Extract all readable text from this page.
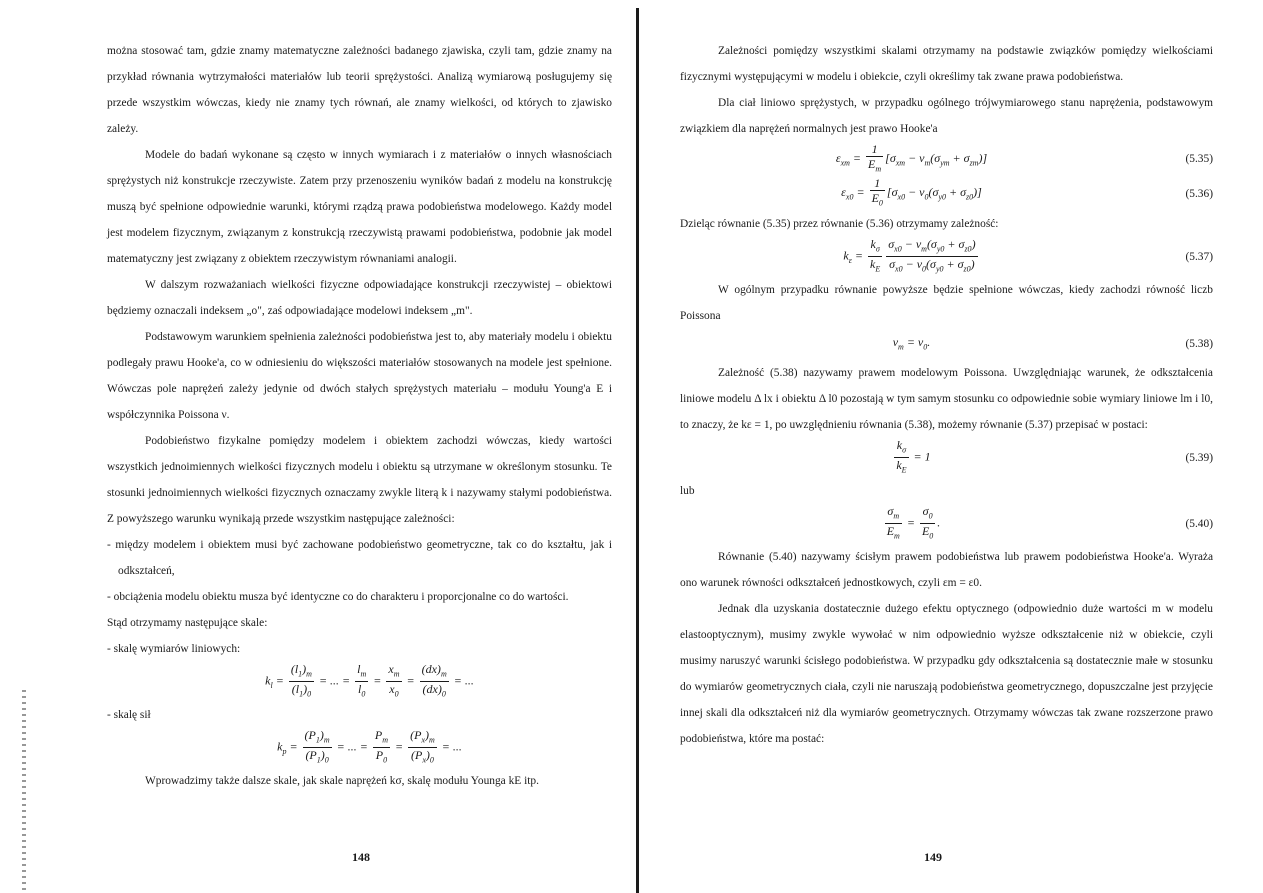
można stosować tam, gdzie znamy matematyczne zależności badanego zjawiska, czyli tam, gdzie znamy na przykład równania wytrzymałości materiałów lub teorii sprężystości. Analizą wymiarową posługujemy się przede wszystkim wówczas, kiedy nie znamy tych równań, ale znamy wielkości, od których to zjawisko zależy.

Modele do badań wykonane są często w innych wymiarach i z materiałów o innych własnościach sprężystych niż konstrukcje rzeczywiste. Zatem przy przenoszeniu wyników badań z modelu na konstrukcję muszą być spełnione odpowiednie warunki, którymi rządzą prawa podobieństwa modelowego. Każdy model jest modelem fizycznym, związanym z konstrukcją rzeczywistą prawami podobieństwa, podobnie jak model matematyczny jest związany z obiektem rzeczywistym równaniami analogii.

W dalszym rozważaniach wielkości fizyczne odpowiadające konstrukcji rzeczywistej – obiektowi będziemy oznaczali indeksem „o", zaś odpowiadające modelowi indeksem „m".

Podstawowym warunkiem spełnienia zależności podobieństwa jest to, aby materiały modelu i obiektu podlegały prawu Hooke'a, co w odniesieniu do większości materiałów stosowanych na modele jest spełnione. Wówczas pole naprężeń zależy jedynie od dwóch stałych sprężystych materiału – modułu Young'a E i współczynnika Poissona ν.

Podobieństwo fizykalne pomiędzy modelem i obiektem zachodzi wówczas, kiedy wartości wszystkich jednoimiennych wielkości fizycznych modelu i obiektu są utrzymane w określonym stosunku. Te stosunki jednoimiennych wielkości fizycznych oznaczamy zwykle literą k i nazywamy stałymi podobieństwa. Z powyższego warunku wynikają przede wszystkim następujące zależności:

- między modelem i obiektem musi być zachowane podobieństwo geometryczne, tak co do kształtu, jak i odkształceń,

- obciążenia modelu obiektu musza być identyczne co do charakteru i proporcjonalne co do wartości.

Stąd otrzymamy następujące skale:

- skalę wymiarów liniowych:

$k_l = \frac{(l_1)_m}{(l_1)_0}$ = ... = $\frac{l_m}{l_0} = \frac{x_m}{x_0} = \frac{(dx)_m}{(dx)_0}$ = ...

- skalę sił

$k_p = \frac{(P_1)_m}{(P_1)_0}$ = ... = $\frac{P_m}{P_0} = \frac{(P_x)_m}{(P_x)_0}$ = ...

Wprowadzimy także dalsze skale, jak skale naprężeń kσ, skalę modułu Younga kE itp.

148

Zależności pomiędzy wszystkimi skalami otrzymamy na podstawie związków pomiędzy wielkościami fizycznymi występującymi w modelu i obiekcie, czyli określimy tak zwane prawa podobieństwa.

Dla ciał liniowo sprężystych, w przypadku ogólnego trójwymiarowego stanu naprężenia, podstawowym związkiem dla naprężeń normalnych jest prawo Hooke'a

$\varepsilon_{xm} = \frac{1}{E_m} [\sigma_{xm} - \nu_m(\sigma_{ym} + \sigma_{zm})]$	(5.35)
$\varepsilon_{x0} = \frac{1}{E_0} [\sigma_{x0} - \nu_0(\sigma_{y0} + \sigma_{z0})]$	(5.36)

Dzieląc równanie (5.35) przez równanie (5.36) otrzymamy zależność:

$k_\varepsilon = \frac{k_\sigma}{k_E} \frac{\sigma_{x0} - \nu_m(\sigma_{y0} + \sigma_{z0})}{\sigma_{x0} - \nu_0(\sigma_{y0} + \sigma_{z0})}$	(5.37)

W ogólnym przypadku równanie powyższe będzie spełnione wówczas, kiedy zachodzi równość liczb Poissona

$\nu_m = \nu_0$.	(5.38)

Zależność (5.38) nazywamy prawem modelowym Poissona. Uwzględniając warunek, że odkształcenia liniowe modelu Δ lx i obiektu Δ l0 pozostają w tym samym stosunku co odpowiednie sobie wymiary liniowe lm i l0, to znaczy, że kε = 1, po uwzględnieniu równania (5.38), możemy równanie (5.37) przepisać w postaci:

$\frac{k_\sigma}{k_E} = 1$	(5.39)

lub

$\frac{\sigma_m}{E_m} = \frac{\sigma_0}{E_0}$ .	(5.40)

Równanie (5.40) nazywamy ścisłym prawem podobieństwa lub prawem podobieństwa Hooke'a. Wyraża ono warunek równości odkształceń jednostkowych, czyli εm = ε0.

Jednak dla uzyskania dostatecznie dużego efektu optycznego (odpowiednio duże wartości m w modelu elastooptycznym), musimy zwykle wywołać w nim odpowiednio wyższe odkształcenie niż w obiekcie, czyli musimy naruszyć warunki ścisłego podobieństwa. W przypadku gdy odkształcenia są dostatecznie małe w stosunku do wymiarów geometrycznych ciała, czyli nie naruszają podobieństwa geometrycznego, dopuszczalne jest przyjęcie innej skali dla odkształceń niż dla wymiarów geometrycznych. Otrzymamy wówczas tak zwane rozszerzone prawo podobieństwa, które ma postać:

149
